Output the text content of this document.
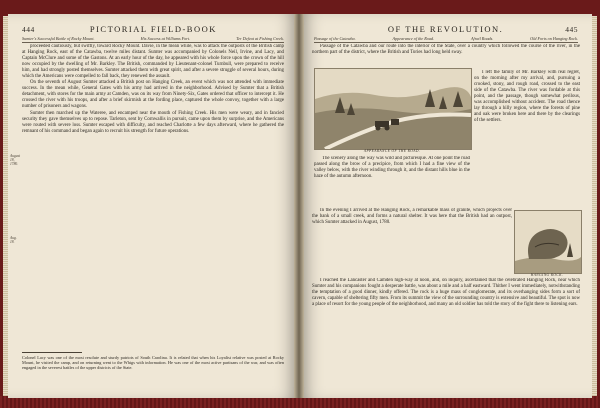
444	PICTORIAL FIELD-BOOK
Sumter's Successful Battle of Rocky Mount.	His Success at Williams Fort.	Ter Defeat at Fishing Creek.
August 18, 1780.
Aug. 18.

proceeded cautiously, but swiftly, toward Rocky Mount. Davie, in the mean while, was to attack the outposts of the British camp at Hanging Rock, east of the Catawba, twelve miles distant. Sumter was accompanied by Colonels Neil, Irvine, and Lacy, and Captain McClure and some of the Gastons. At an early hour of the day, he appeared with his whole force upon the crown of the hill now occupied by the dwelling of Mr. Barkley. The British, commanded by Lieutenant-colonel Turnbull, were prepared to receive him, and had strongly posted themselves. Sumter attacked them with great spirit, and after a severe struggle of several hours, during which the Americans were compelled to fall back, they renewed the assault.

On the seventh of August Sumter attacked a British post on Hanging Creek, an event which was not attended with immediate success. In the mean while, General Gates with his army had arrived in the neighborhood. Advised by Sumter that a British detachment, with stores for the main army at Camden, was on its way from Ninety-Six, Gates ordered that officer to intercept it. He crossed the river with his troops, and after a brief skirmish at the fording place, captured the whole convoy, together with a large number of prisoners and wagons.

Sumter then marched up the Wateree, and encamped near the mouth of Fishing Creek. His men were weary, and in fancied security they gave themselves up to repose. Tarleton, sent by Cornwallis in pursuit, came upon them by surprise, and the Americans were routed with severe loss. Sumter escaped with difficulty, and reached Charlotte a few days afterward, where he gathered the remnant of his command and began again to recruit his strength for future operations.

Colonel Lacy was one of the most resolute and sturdy patriots of South Carolina. It is related that when his Loyalist relative was posted at Rocky Mount, he visited the camp, and on returning went to the Whigs with information. He was one of the most active partisans of the war, and was often engaged in the severest battles of the upper districts of the State.
OF THE REVOLUTION.	445
Passage of the Catawba.	Appearance of the Road.	Afrail Roads.	Old Forts on Hanging Rock.

Passage of the Catawba and our route into the interior of the State, over a country which followed the course of the river, in the northern part of the district, where the British and Tories had long held sway.

APPEARANCE OF THE ROAD.

The scenery along the way was wild and picturesque. At one point the road passed along the brow of a precipice, from which I had a fine view of the valley below, with the river winding through it, and the distant hills blue in the haze of the autumn afternoon.

I left the family of Mr. Barkley with real regret, on the morning after my arrival, and, pursuing a crooked, stony, and rough road, crossed to the east side of the Catawba. The river was fordable at this point, and the passage, though somewhat perilous, was accomplished without accident. The road thence lay through a hilly region, where the forests of pine and oak were broken here and there by the clearings of the settlers.

In the evening I arrived at the Hanging Rock, a remarkable mass of granite, which projects over the bank of a small creek, and forms a natural shelter. It was here that the British had an outpost, which Sumter attacked in August, 1780.

HANGING ROCK.

I reached the Lancaster and Camden high-way at noon, and, on inquiry, ascertained that the celebrated Hanging Rock, near which Sumter and his companions fought a desperate battle, was about a mile and a half eastward. Thither I went immediately, notwithstanding the temptation of a good dinner, kindly offered. The rock is a huge mass of conglomerate, and its overhanging sides form a sort of cavern, capable of sheltering fifty men. From its summit the view of the surrounding country is extensive and beautiful. The spot is now a place of resort for the young people of the neighborhood, and many an old soldier has told the story of the fight there to listening ears.
